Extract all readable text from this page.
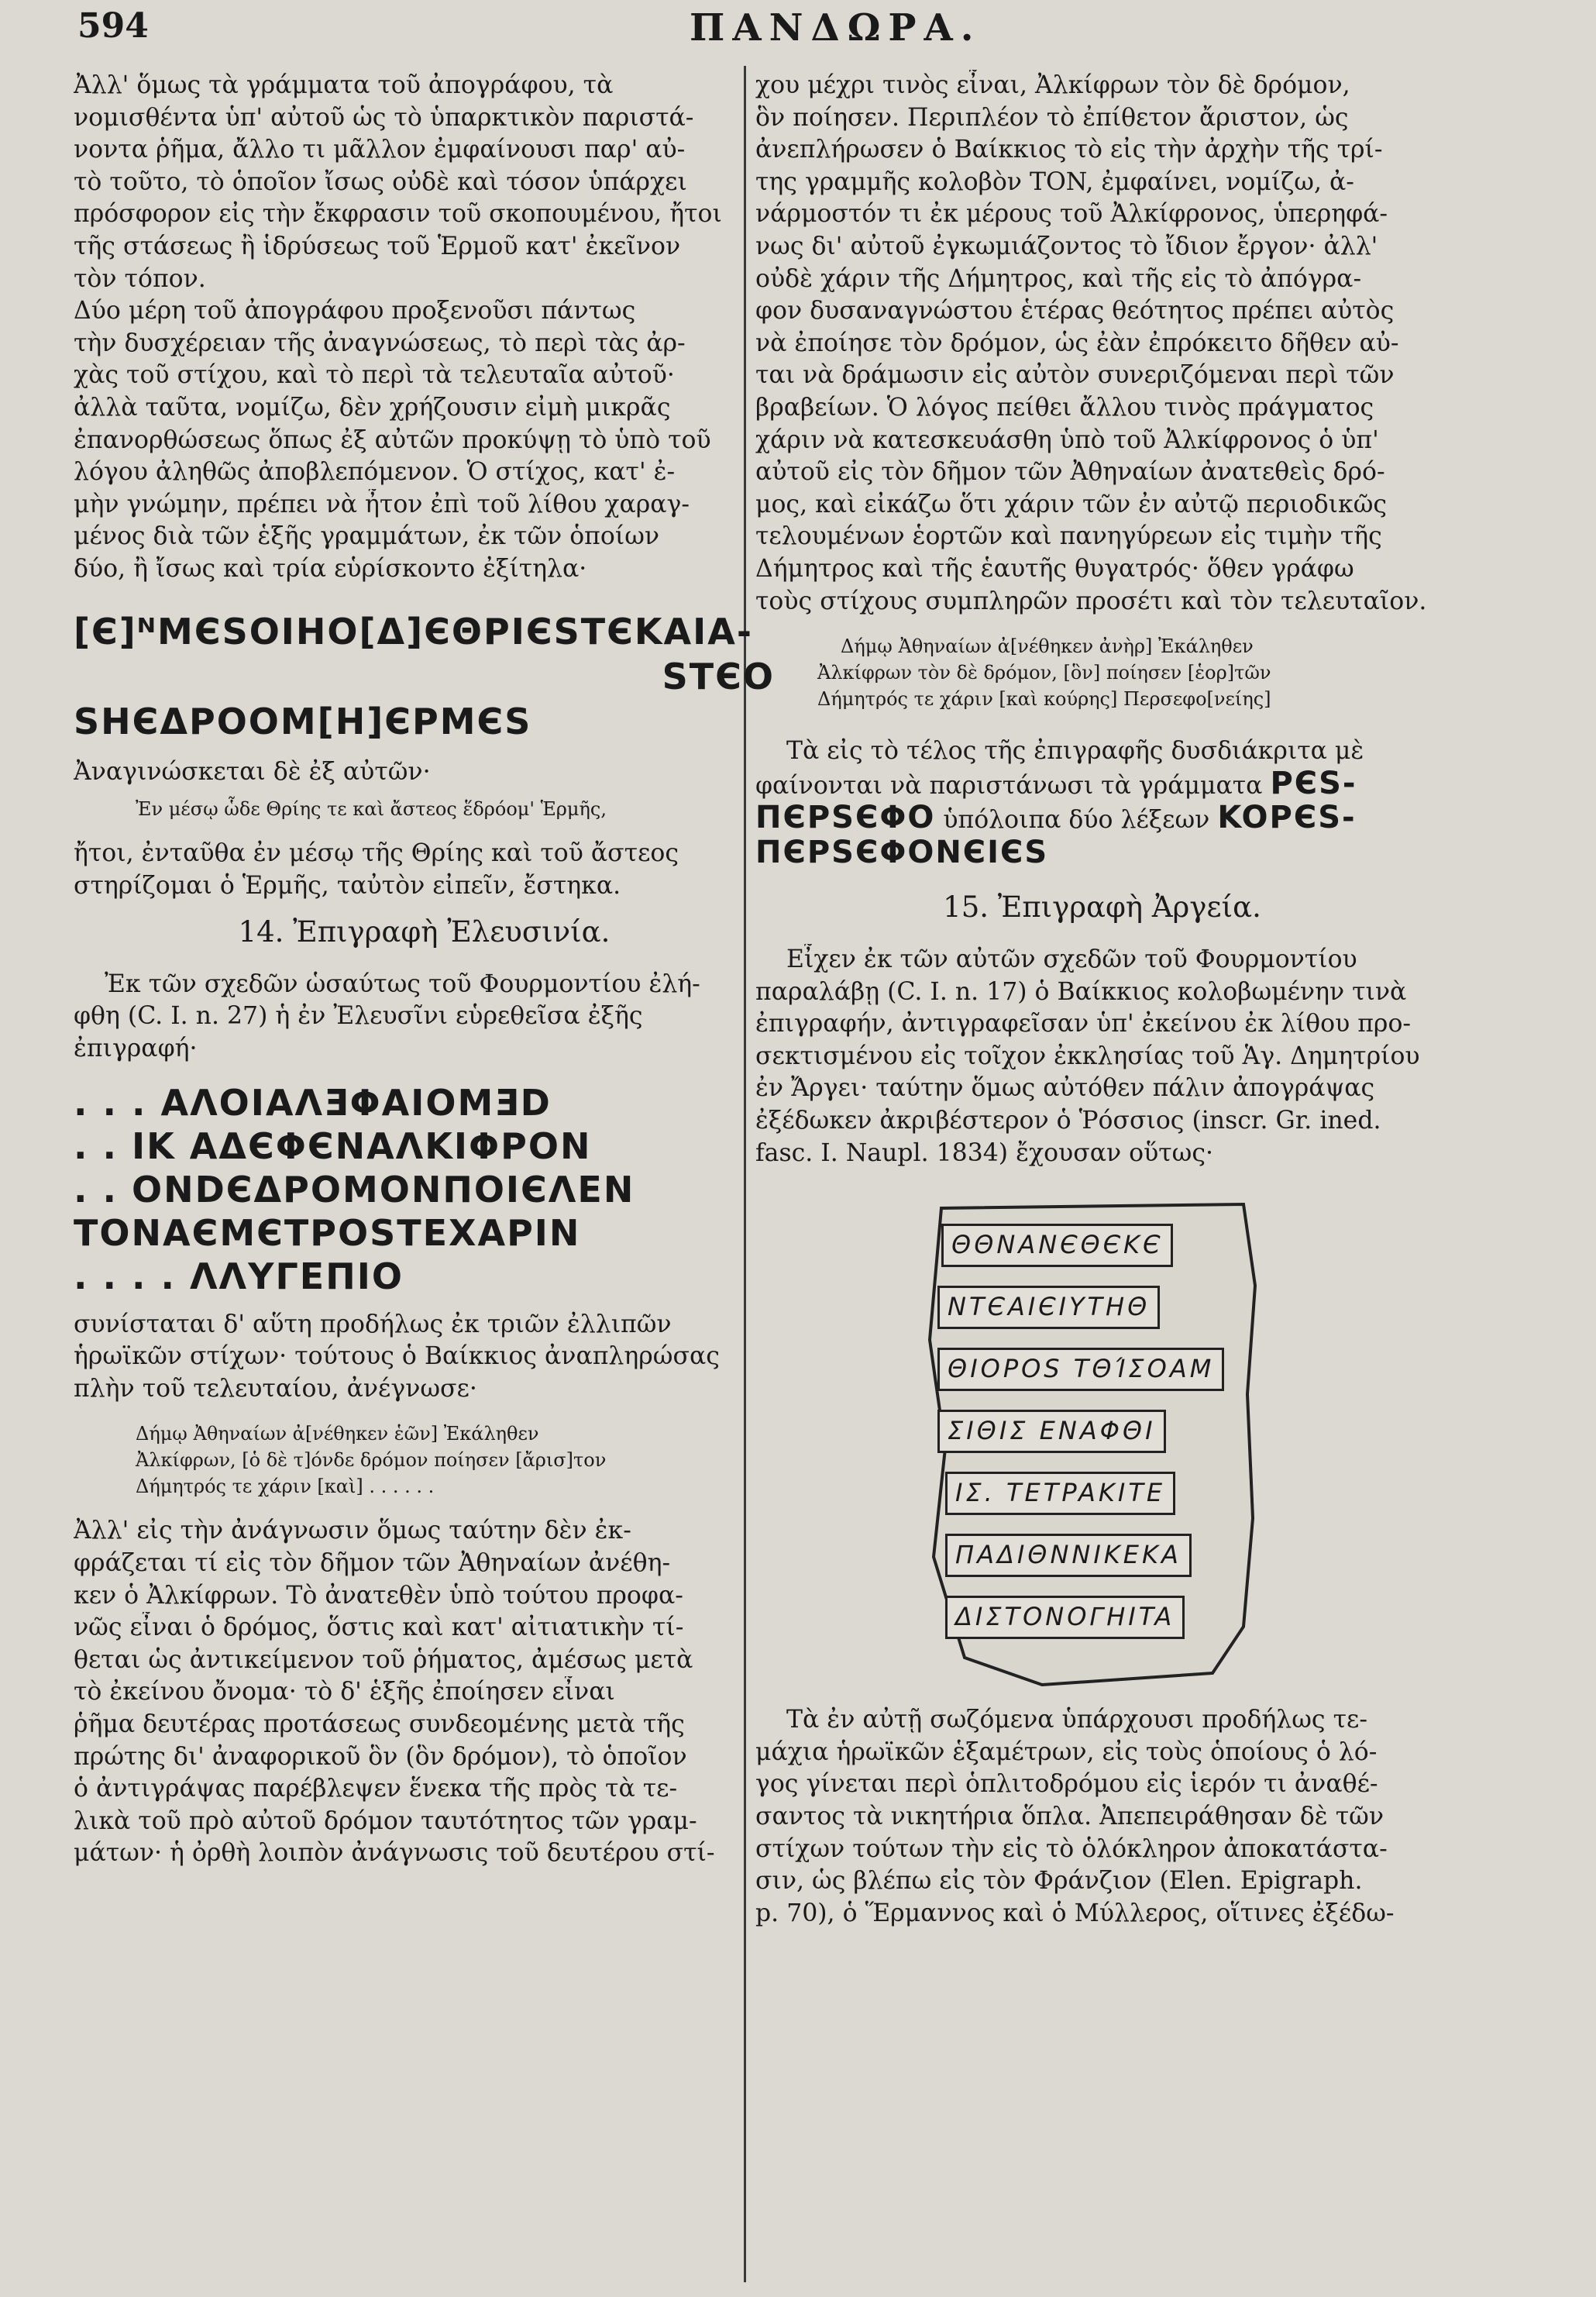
594	ΠΑΝΔΩΡΑ.
Ἀλλ' ὅμως τὰ γράμματα τοῦ ἀπογράφου, τὰ
νομισθέντα ὑπ' αὐτοῦ ὡς τὸ ὑπαρκτικὸν παριστά-
νοντα ῥῆμα, ἄλλο τι μᾶλλον ἐμφαίνουσι παρ' αὐ-
τὸ τοῦτο, τὸ ὁποῖον ἴσως οὐδὲ καὶ τόσον ὑπάρχει
πρόσφορον εἰς τὴν ἔκφρασιν τοῦ σκοπουμένου, ἤτοι
τῆς στάσεως ἢ ἱδρύσεως τοῦ Ἑρμοῦ κατ' ἐκεῖνον
τὸν τόπον.
Δύο μέρη τοῦ ἀπογράφου προξενοῦσι πάντως
τὴν δυσχέρειαν τῆς ἀναγνώσεως, τὸ περὶ τὰς ἀρ-
χὰς τοῦ στίχου, καὶ τὸ περὶ τὰ τελευταῖα αὐτοῦ·
ἀλλὰ ταῦτα, νομίζω, δὲν χρήζουσιν εἰμὴ μικρᾶς
ἐπανορθώσεως ὅπως ἐξ αὐτῶν προκύψῃ τὸ ὑπὸ τοῦ
λόγου ἀληθῶς ἀποβλεπόμενον. Ὁ στίχος, κατ' ἐ-
μὴν γνώμην, πρέπει νὰ ἦτον ἐπὶ τοῦ λίθου χαραγ-
μένος διὰ τῶν ἑξῆς γραμμάτων, ἐκ τῶν ὁποίων
δύο, ἢ ἴσως καὶ τρία εὑρίσκοντο ἐξίτηλα·
[Є]ᴺMЄSOIHO[Δ]ЄΘPIЄSTЄKAIA-
STЄO
SHЄΔPOOM[H]ЄPMЄS
Ἀναγινώσκεται δὲ ἐξ αὐτῶν·
Ἐν μέσῳ ὧδε Θρίης τε καὶ ἄστεος ἕδρόομ' Ἑρμῆς,
ἤτοι, ἐνταῦθα ἐν μέσῳ τῆς Θρίης καὶ τοῦ ἄστεος
στηρίζομαι ὁ Ἑρμῆς, ταὐτὸν εἰπεῖν, ἔστηκα.
14. Ἐπιγραφὴ Ἐλευσινία.
Ἐκ τῶν σχεδῶν ὡσαύτως τοῦ Φουρμοντίου ἐλή-
φθη (C. I. n. 27) ἡ ἐν Ἐλευσῖνι εὑρεθεῖσα ἐξῆς
ἐπιγραφή·
. . . AΛOIAΛƎΦAIOMƎD
. . IK AΔЄΦЄNAΛKIΦPON
. . ONDЄΔPOMONΠOIЄΛEN
TONAЄMЄTPOSTEXAPIN
. . . . ΛΛYΓΕΠIO
συνίσταται δ' αὕτη προδήλως ἐκ τριῶν ἐλλιπῶν
ἡρωϊκῶν στίχων· τούτους ὁ Βαίκκιος ἀναπληρώσας
πλὴν τοῦ τελευταίου, ἀνέγνωσε·
Δήμῳ Ἀθηναίων ἀ[νέθηκεν ἑῶν] Ἐκάληθεν
Ἀλκίφρων, [ὁ δὲ τ]όνδε δρόμον ποίησεν [ἄρισ]τον
Δήμητρός τε χάριν [καὶ] . . . . . .
Ἀλλ' εἰς τὴν ἀνάγνωσιν ὅμως ταύτην δὲν ἐκ-
φράζεται τί εἰς τὸν δῆμον τῶν Ἀθηναίων ἀνέθη-
κεν ὁ Ἀλκίφρων. Τὸ ἀνατεθὲν ὑπὸ τούτου προφα-
νῶς εἶναι ὁ δρόμος, ὅστις καὶ κατ' αἰτιατικὴν τί-
θεται ὡς ἀντικείμενον τοῦ ῥήματος, ἀμέσως μετὰ
τὸ ἐκείνου ὄνομα· τὸ δ' ἑξῆς ἐποίησεν εἶναι
ῥῆμα δευτέρας προτάσεως συνδεομένης μετὰ τῆς
πρώτης δι' ἀναφορικοῦ ὃν (ὃν δρόμον), τὸ ὁποῖον
ὁ ἀντιγράψας παρέβλεψεν ἕνεκα τῆς πρὸς τὰ τε-
λικὰ τοῦ πρὸ αὐτοῦ δρόμον ταυτότητος τῶν γραμ-
μάτων· ἡ ὀρθὴ λοιπὸν ἀνάγνωσις τοῦ δευτέρου στί-
χου μέχρι τινὸς εἶναι, Ἀλκίφρων τὸν δὲ δρόμον,
ὃν ποίησεν. Περιπλέον τὸ ἐπίθετον ἄριστον, ὡς
ἀνεπλήρωσεν ὁ Βαίκκιος τὸ εἰς τὴν ἀρχὴν τῆς τρί-
της γραμμῆς κολοβὸν TON, ἐμφαίνει, νομίζω, ἀ-
νάρμοστόν τι ἐκ μέρους τοῦ Ἀλκίφρονος, ὑπερηφά-
νως δι' αὐτοῦ ἐγκωμιάζοντος τὸ ἴδιον ἔργον· ἀλλ'
οὐδὲ χάριν τῆς Δήμητρος, καὶ τῆς εἰς τὸ ἀπόγρα-
φον δυσαναγνώστου ἑτέρας θεότητος πρέπει αὐτὸς
νὰ ἐποίησε τὸν δρόμον, ὡς ἐὰν ἐπρόκειτο δῆθεν αὐ-
ται νὰ δράμωσιν εἰς αὐτὸν συνεριζόμεναι περὶ τῶν
βραβείων. Ὁ λόγος πείθει ἄλλου τινὸς πράγματος
χάριν νὰ κατεσκευάσθη ὑπὸ τοῦ Ἀλκίφρονος ὁ ὑπ'
αὐτοῦ εἰς τὸν δῆμον τῶν Ἀθηναίων ἀνατεθεὶς δρό-
μος, καὶ εἰκάζω ὅτι χάριν τῶν ἐν αὐτῷ περιοδικῶς
τελουμένων ἑορτῶν καὶ πανηγύρεων εἰς τιμὴν τῆς
Δήμητρος καὶ τῆς ἑαυτῆς θυγατρός· ὅθεν γράφω
τοὺς στίχους συμπληρῶν προσέτι καὶ τὸν τελευταῖον.
Δήμῳ Ἀθηναίων ἀ[νέθηκεν ἀνὴρ] Ἐκάληθεν
Ἀλκίφρων τὸν δὲ δρόμον, [ὃν] ποίησεν [ἑορ]τῶν
Δήμητρός τε χάριν [καὶ κούρης] Περσεφο[νείης]
Τὰ εἰς τὸ τέλος τῆς ἐπιγραφῆς δυσδιάκριτα μὲ
φαίνονται νὰ παριστάνωσι τὰ γράμματα PЄS-
ΠЄPSЄΦO ὑπόλοιπα δύο λέξεων KOPЄS-
ΠЄPSЄΦONЄIЄS
15. Ἐπιγραφὴ Ἀργεία.
Εἶχεν ἐκ τῶν αὐτῶν σχεδῶν τοῦ Φουρμοντίου
παραλάβῃ (C. I. n. 17) ὁ Βαίκκιος κολοβωμένην τινὰ
ἐπιγραφήν, ἀντιγραφεῖσαν ὑπ' ἐκείνου ἐκ λίθου προ-
σεκτισμένου εἰς τοῖχον ἐκκλησίας τοῦ Ἁγ. Δημητρίου
ἐν Ἄργει· ταύτην ὅμως αὐτόθεν πάλιν ἀπογράψας
ἐξέδωκεν ἀκριβέστερον ὁ Ῥόσσιος (inscr. Gr. ined.
fasc. I. Naupl. 1834) ἔχουσαν οὕτως·
ΘΘNANЄΘЄKЄ
NTЄAIЄIYTHΘ
ΘIOPOS TΘΊΣOAM
ΣIΘIΣ ENAΦΘI
IΣ. TETPAKITE
ΠAΔIΘNNIKEKA
ΔIΣTONOΓHITA
Τὰ ἐν αὐτῇ σωζόμενα ὑπάρχουσι προδήλως τε-
μάχια ἡρωϊκῶν ἑξαμέτρων, εἰς τοὺς ὁποίους ὁ λό-
γος γίνεται περὶ ὁπλιτοδρόμου εἰς ἱερόν τι ἀναθέ-
σαντος τὰ νικητήρια ὅπλα. Ἀπεπειράθησαν δὲ τῶν
στίχων τούτων τὴν εἰς τὸ ὁλόκληρον ἀποκατάστα-
σιν, ὡς βλέπω εἰς τὸν Φράνζιον (Elen. Epigraph.
p. 70), ὁ Ἕρμαννος καὶ ὁ Μύλλερος, οἵτινες ἐξέδω-
